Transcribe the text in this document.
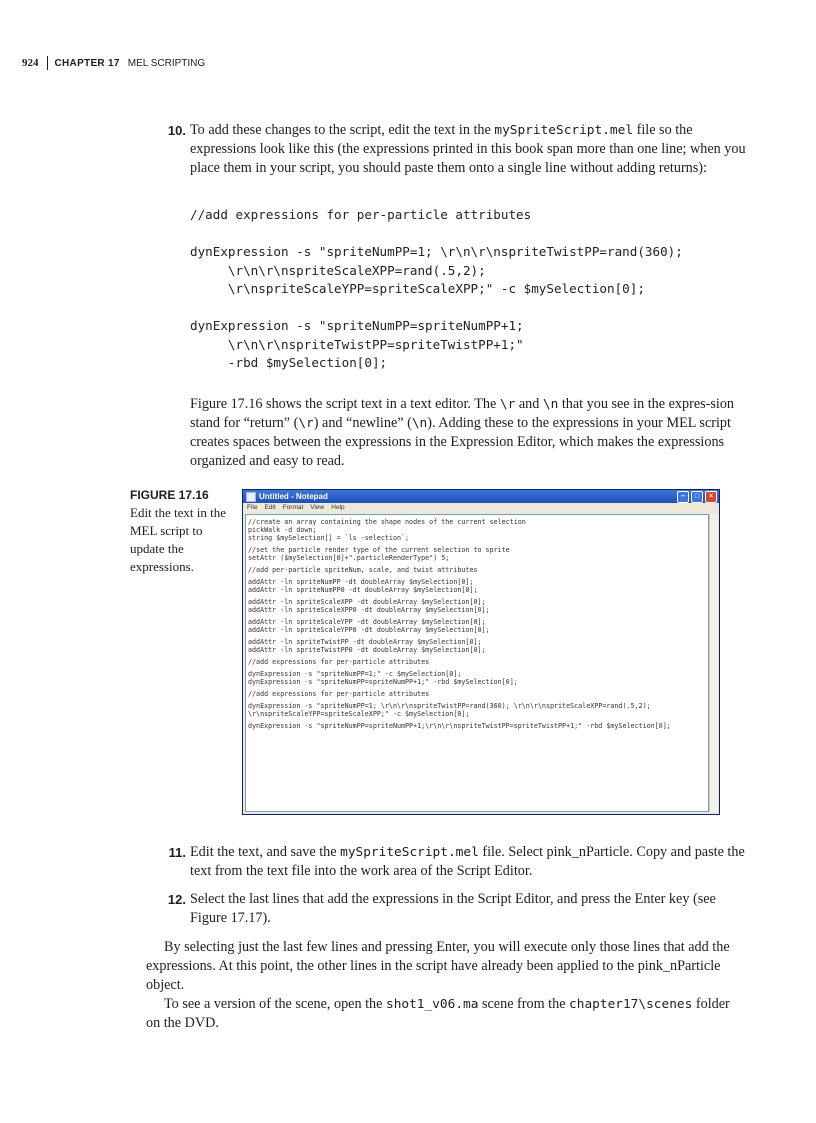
924	CHAPTER 17 MEL SCRIPTING
10. To add these changes to the script, edit the text in the mySpriteScript.mel file so the expressions look like this (the expressions printed in this book span more than one line; when you place them in your script, you should paste them onto a single line without adding returns):
//add expressions for per-particle attributes

dynExpression -s "spriteNumPP=1; \r\n\r\nspriteTwistPP=rand(360);
\r\n\r\nspriteScaleXPP=rand(.5,2);
\r\nspriteScaleYPP=spriteScaleXPP;" -c $mySelection[0];

dynExpression -s "spriteNumPP=spriteNumPP+1;
\r\n\r\nspriteTwistPP=spriteTwistPP+1;"
-rbd $mySelection[0];
Figure 17.16 shows the script text in a text editor. The \r and \n that you see in the expres-sion stand for “return” (\r) and “newline” (\n). Adding these to the expressions in your MEL script creates spaces between the expressions in the Expression Editor, which makes the expressions organized and easy to read.
FIGURE 17.16
Edit the text in the MEL script to update the expressions.
Untitled - Notepad	–	□	×
File Edit Format View Help
//create an array containing the shape nodes of the current selection
pickWalk -d down;
string $mySelection[] = `ls -selection`;
//set the particle render type of the current selection to sprite
setAttr ($mySelection[0]+".particleRenderType") 5;
//add per-particle spriteNum, scale, and twist attributes
addAttr -ln spriteNumPP -dt doubleArray $mySelection[0];
addAttr -ln spriteNumPP0 -dt doubleArray $mySelection[0];
addAttr -ln spriteScaleXPP -dt doubleArray $mySelection[0];
addAttr -ln spriteScaleXPP0 -dt doubleArray $mySelection[0];
addAttr -ln spriteScaleYPP -dt doubleArray $mySelection[0];
addAttr -ln spriteScaleYPP0 -dt doubleArray $mySelection[0];
addAttr -ln spriteTwistPP -dt doubleArray $mySelection[0];
addAttr -ln spriteTwistPP0 -dt doubleArray $mySelection[0];
//add expressions for per-particle attributes
dynExpression -s "spriteNumPP=1;" -c $mySelection[0];
dynExpression -s "spriteNumPP=spriteNumPP+1;" -rbd $mySelection[0];
//add expressions for per-particle attributes
dynExpression -s "spriteNumPP=1; \r\n\r\nspriteTwistPP=rand(360); \r\n\r\nspriteScaleXPP=rand(.5,2);
\r\nspriteScaleYPP=spriteScaleXPP;" -c $mySelection[0];
dynExpression -s "spriteNumPP=spriteNumPP+1;\r\n\r\nspriteTwistPP=spriteTwistPP+1;" -rbd $mySelection[0];
11. Edit the text, and save the mySpriteScript.mel file. Select pink_nParticle. Copy and paste the text from the text file into the work area of the Script Editor.
12. Select the last lines that add the expressions in the Script Editor, and press the Enter key (see Figure 17.17).
By selecting just the last few lines and pressing Enter, you will execute only those lines that add the expressions. At this point, the other lines in the script have already been applied to the pink_nParticle object.
To see a version of the scene, open the shot1_v06.ma scene from the chapter17\scenes folder on the DVD.
